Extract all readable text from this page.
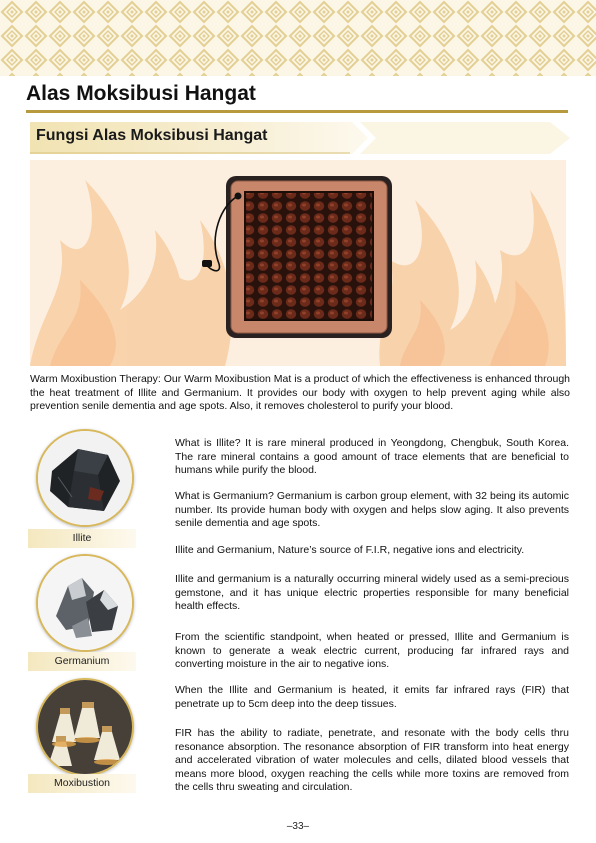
Alas Moksibusi Hangat
Fungsi Alas Moksibusi Hangat
Warm Moxibustion Therapy: Our Warm Moxibustion Mat is a product of which the effectiveness is enhanced through the heat treatment of Illite and Germanium. It provides our body with oxygen to help prevent aging while also prevention senile dementia and age spots. Also, it removes cholesterol to purify your blood.
Illite
Germanium
Moxibustion

What is Illite? It is rare mineral produced in Yeongdong, Chengbuk, South Korea. The rare mineral contains a good amount of trace elements that are beneficial to humans while purify the blood.

What is Germanium? Germanium is carbon group element, with 32 being its automic number. Its provide human body with oxygen and helps slow aging. It also prevents senile dementia and age spots.

Illite and Germanium, Nature’s source of F.I.R, negative ions and electricity.

Illite and germanium is a naturally occurring mineral widely used as a semi-precious gemstone, and it has unique electric properties responsible for many beneficial health effects.

From the scientific standpoint, when heated or pressed, Illite and Germanium is known to generate a weak electric current, producing far infrared rays and converting moisture in the air to negative ions.

When the Illite and Germanium is heated, it emits far infrared rays (FIR) that penetrate up to 5cm deep into the deep tissues.

FIR has the ability to radiate, penetrate, and resonate with the body cells thru resonance absorption. The resonance absorption of FIR transform into heat energy and accelerated vibration of water molecules and cells, dilated blood vessels that means more blood, oxygen reaching the cells while more toxins are removed from the cells thru sweating and circulation.

–33–
